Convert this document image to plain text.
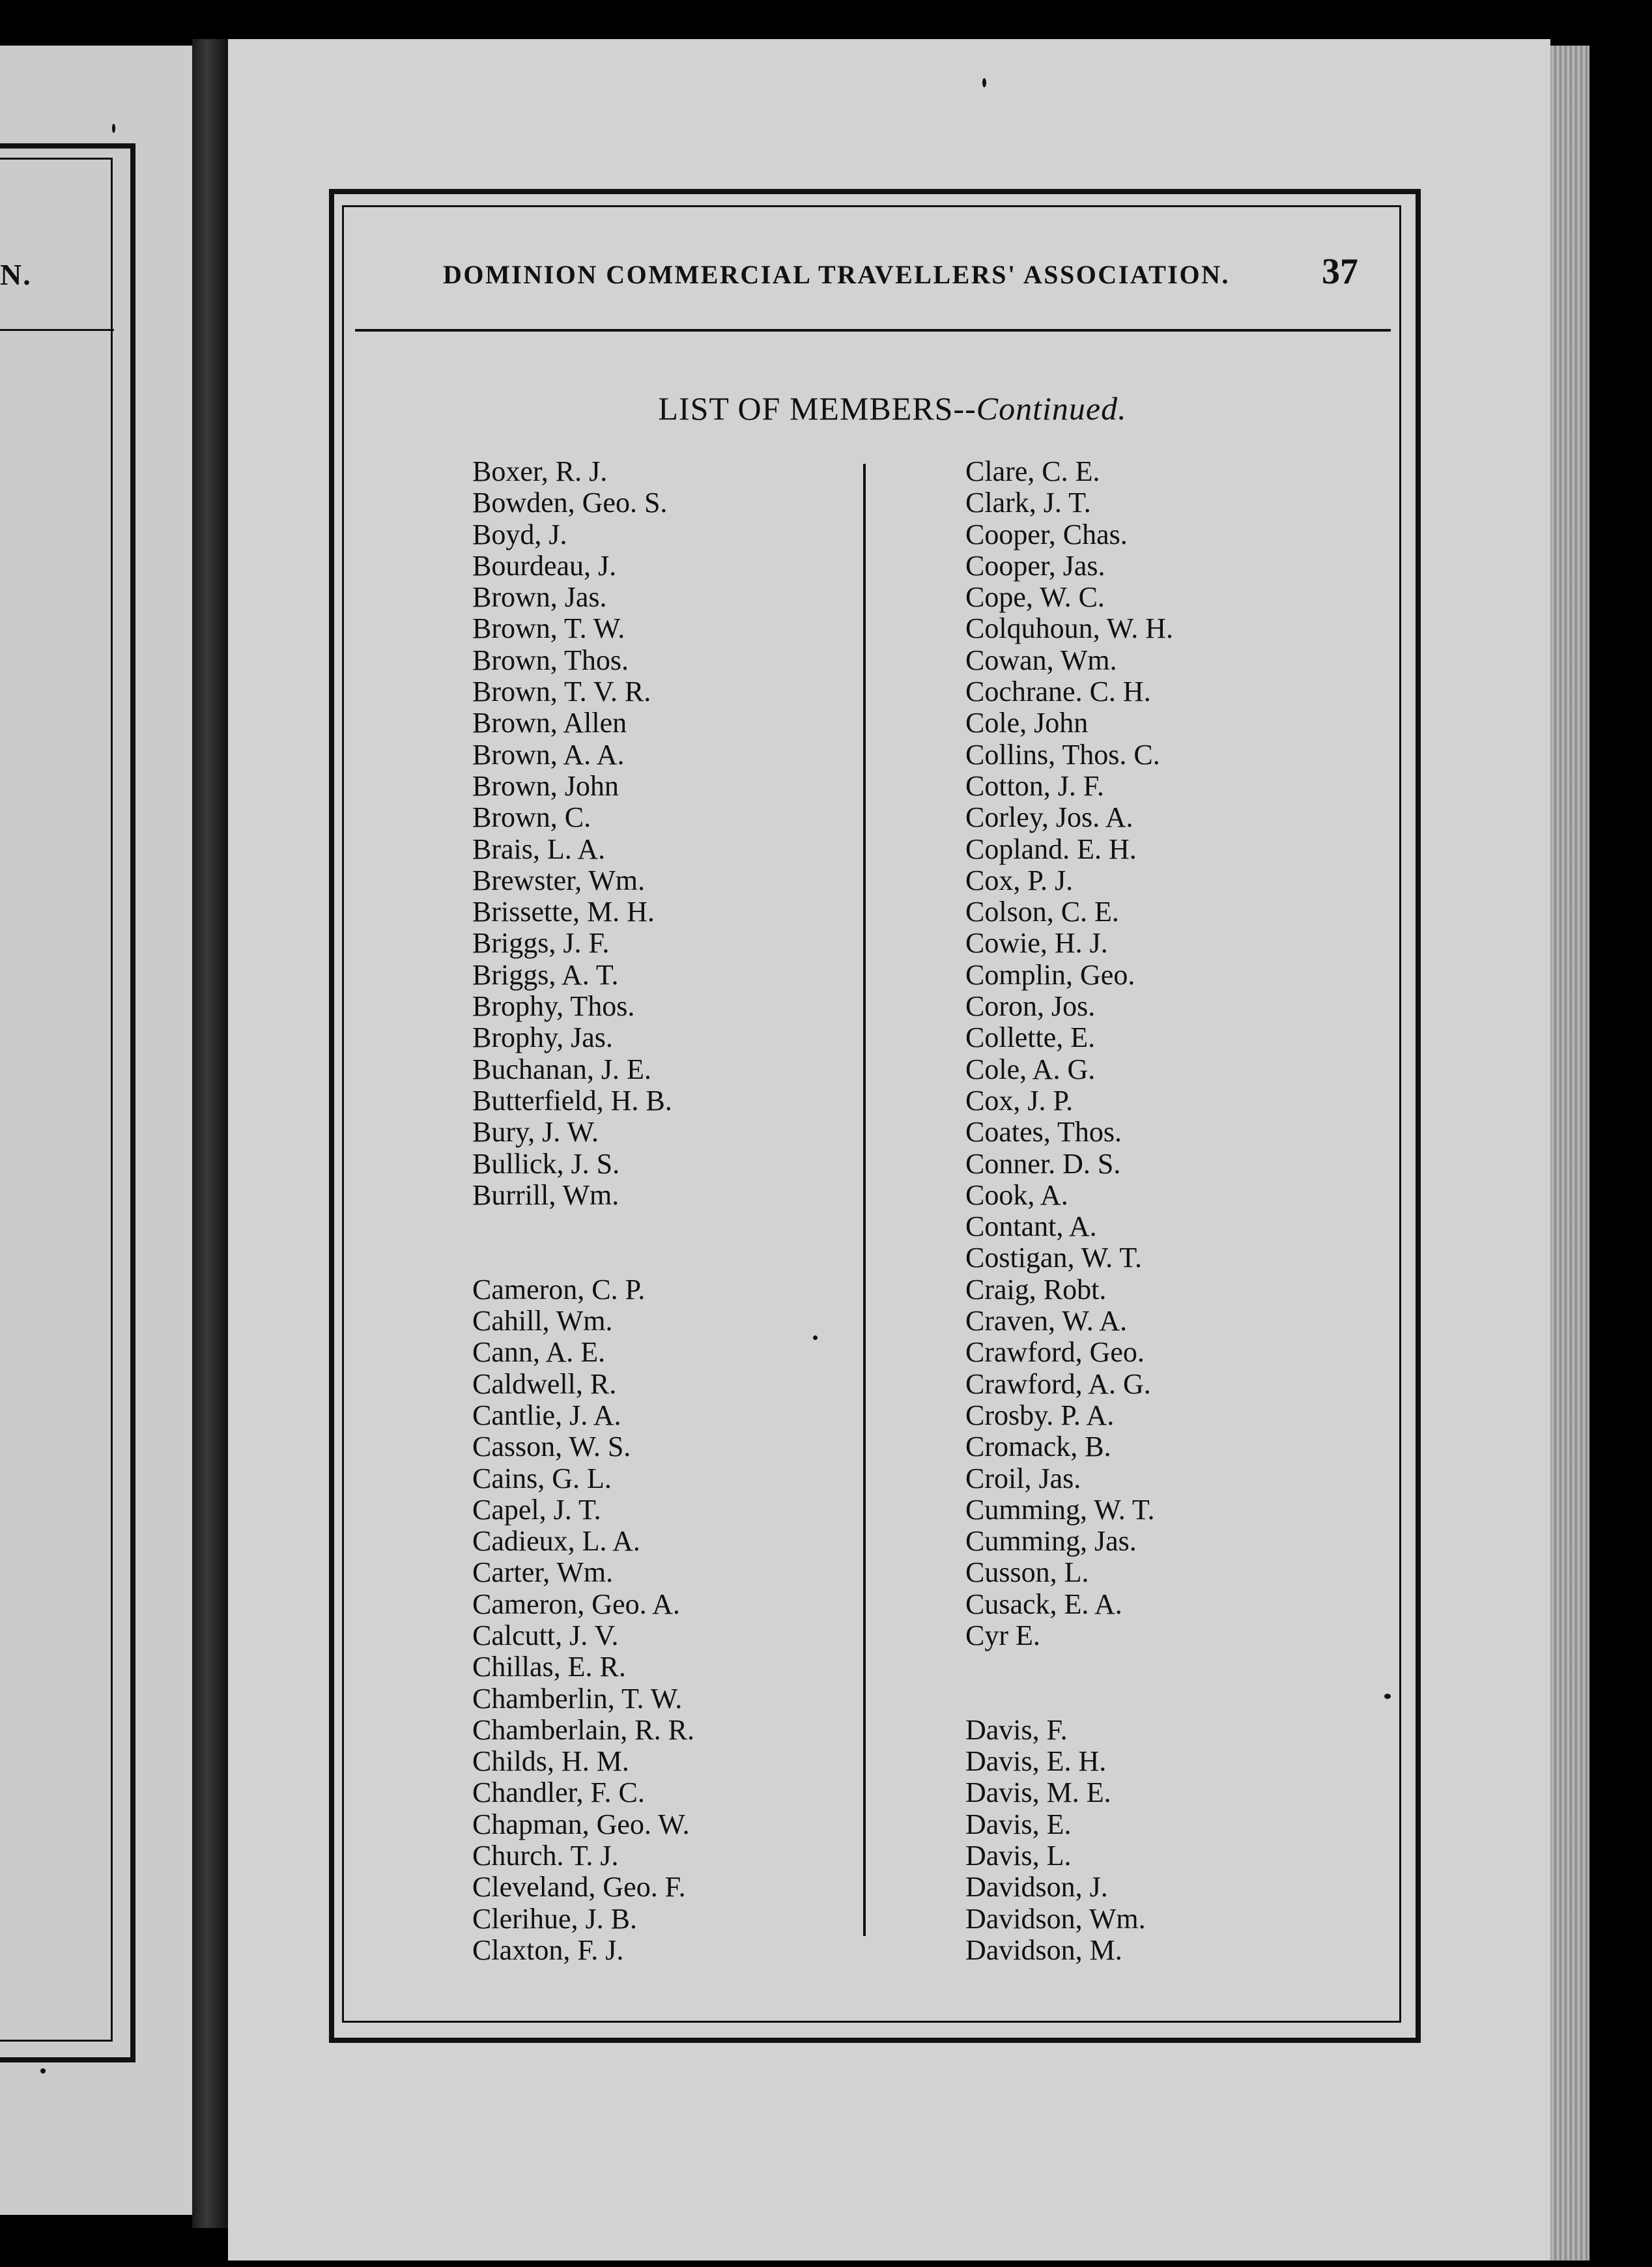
N.	DOMINION COMMERCIAL TRAVELLERS' ASSOCIATION.	37
LIST OF MEMBERS--Continued.
Boxer, R. J.
Bowden, Geo. S.
Boyd, J.
Bourdeau, J.
Brown, Jas.
Brown, T. W.
Brown, Thos.
Brown, T. V. R.
Brown, Allen
Brown, A. A.
Brown, John
Brown, C.
Brais, L. A.
Brewster, Wm.
Brissette, M. H.
Briggs, J. F.
Briggs, A. T.
Brophy, Thos.
Brophy, Jas.
Buchanan, J. E.
Butterfield, H. B.
Bury, J. W.
Bullick, J. S.
Burrill, Wm.
Cameron, C. P.
Cahill, Wm.
Cann, A. E.
Caldwell, R.
Cantlie, J. A.
Casson, W. S.
Cains, G. L.
Capel, J. T.
Cadieux, L. A.
Carter, Wm.
Cameron, Geo. A.
Calcutt, J. V.
Chillas, E. R.
Chamberlin, T. W.
Chamberlain, R. R.
Childs, H. M.
Chandler, F. C.
Chapman, Geo. W.
Church. T. J.
Cleveland, Geo. F.
Clerihue, J. B.
Claxton, F. J.
Clare, C. E.
Clark, J. T.
Cooper, Chas.
Cooper, Jas.
Cope, W. C.
Colquhoun, W. H.
Cowan, Wm.
Cochrane. C. H.
Cole, John
Collins, Thos. C.
Cotton, J. F.
Corley, Jos. A.
Copland. E. H.
Cox, P. J.
Colson, C. E.
Cowie, H. J.
Complin, Geo.
Coron, Jos.
Collette, E.
Cole, A. G.
Cox, J. P.
Coates, Thos.
Conner. D. S.
Cook, A.
Contant, A.
Costigan, W. T.
Craig, Robt.
Craven, W. A.
Crawford, Geo.
Crawford, A. G.
Crosby. P. A.
Cromack, B.
Croil, Jas.
Cumming, W. T.
Cumming, Jas.
Cusson, L.
Cusack, E. A.
Cyr E.
Davis, F.
Davis, E. H.
Davis, M. E.
Davis, E.
Davis, L.
Davidson, J.
Davidson, Wm.
Davidson, M.
